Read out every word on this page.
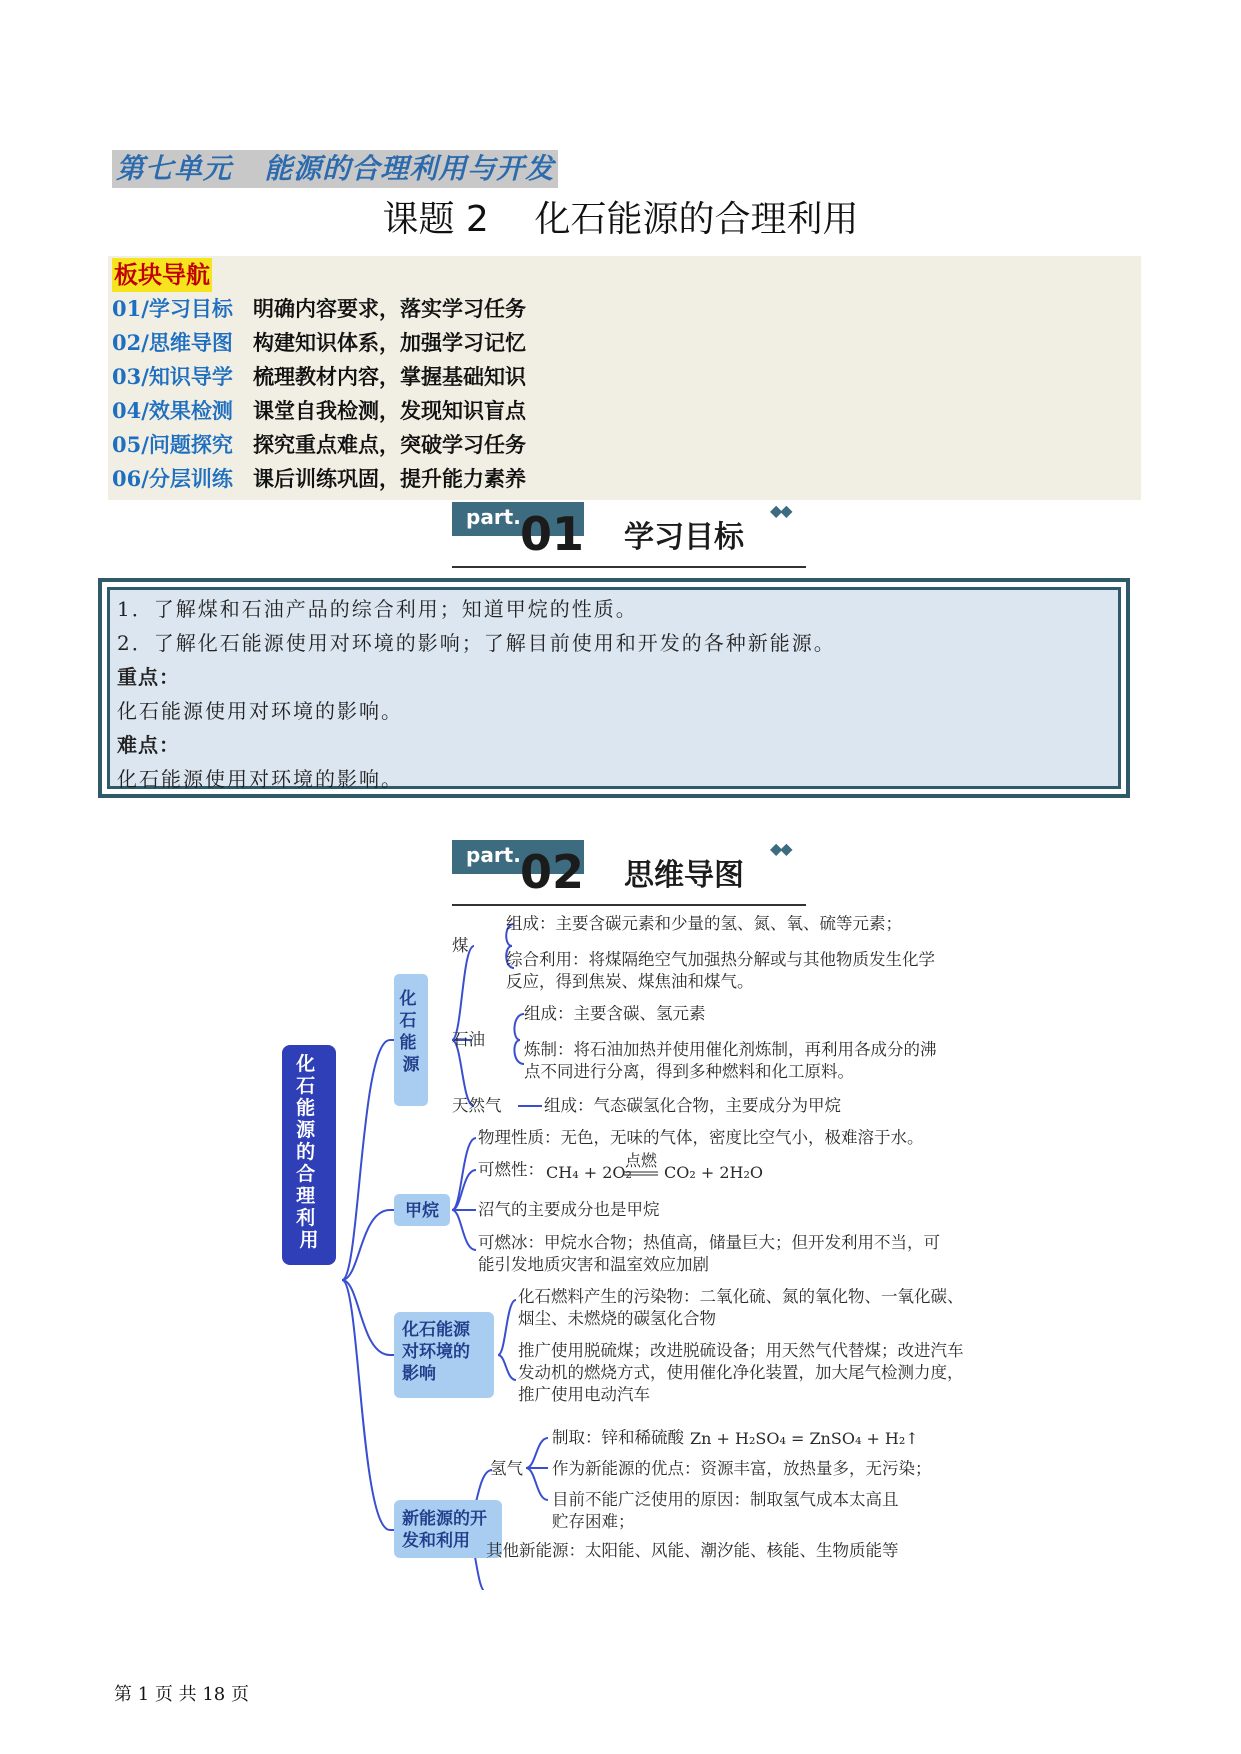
第七单元   能源的合理利用与开发
课题 2    化石能源的合理利用
板块导航
01/学习目标 明确内容要求，落实学习任务
02/思维导图 构建知识体系，加强学习记忆
03/知识导学 梳理教材内容，掌握基础知识
04/效果检测 课堂自我检测，发现知识盲点
05/问题探究 探究重点难点，突破学习任务
06/分层训练 课后训练巩固，提升能力素养
part. 01 学习目标
◆◆
1．了解煤和石油产品的综合利用；知道甲烷的性质。
2．了解化石能源使用对环境的影响；了解目前使用和开发的各种新能源。
重点：
化石能源使用对环境的影响。
难点：
化石能源使用对环境的影响。
part. 02 思维导图
◆◆
化 石 能 源 的 合 理 利 用
化 石 能 源
煤
组成：主要含碳元素和少量的氢、氮、氧、硫等元素；
综合利用：将煤隔绝空气加强热分解或与其他物质发生化学
反应，得到焦炭、煤焦油和煤气。
石油
组成：主要含碳、氢元素
炼制：将石油加热并使用催化剂炼制，再利用各成分的沸
点不同进行分离，得到多种燃料和化工原料。
天然气	组成：气态碳氢化合物，主要成分为甲烷
甲烷
物理性质：无色，无味的气体，密度比空气小，极难溶于水。
可燃性： CH₄ + 2O₂
点燃
CO₂ + 2H₂O
沼气的主要成分也是甲烷
可燃冰：甲烷水合物；热值高，储量巨大；但开发利用不当，可
能引发地质灾害和温室效应加剧
化石能源 对环境的 影响
化石燃料产生的污染物：二氧化硫、氮的氧化物、一氧化碳、
烟尘、未燃烧的碳氢化合物
推广使用脱硫煤；改进脱硫设备；用天然气代替煤；改进汽车
发动机的燃烧方式，使用催化净化装置，加大尾气检测力度，
推广使用电动汽车
新能源的开 发和利用
氢气
制取：锌和稀硫酸 Zn + H₂SO₄ = ZnSO₄ + H₂↑
作为新能源的优点：资源丰富，放热量多，无污染；
目前不能广泛使用的原因：制取氢气成本太高且
贮存困难；
其他新能源：太阳能、风能、潮汐能、核能、生物质能等
第 1 页 共 18 页
